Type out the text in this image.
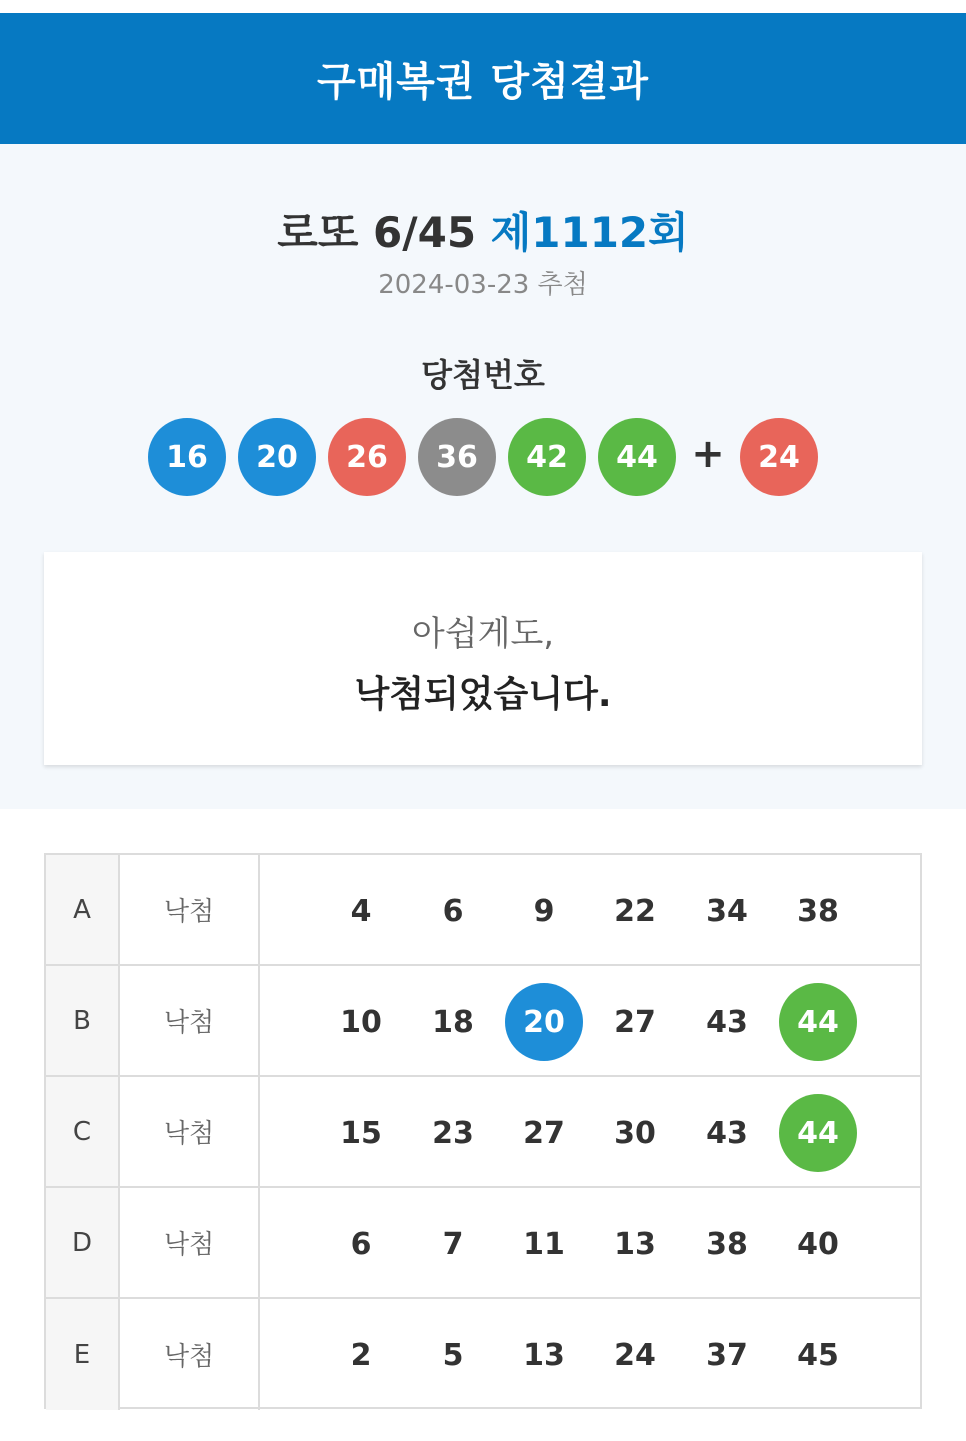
구매복권 당첨결과
로또 6/45 제1112회
2024-03-23 추첨
당첨번호
16	20	26	36	42	44	24
+
아쉽게도,
낙첨되었습니다.
A	낙첨	4	6	9	22	34	38
B	낙첨	10	18	20	27	43	44
C	낙첨	15	23	27	30	43	44
D	낙첨	6	7	11	13	38	40
E	낙첨	2	5	13	24	37	45
